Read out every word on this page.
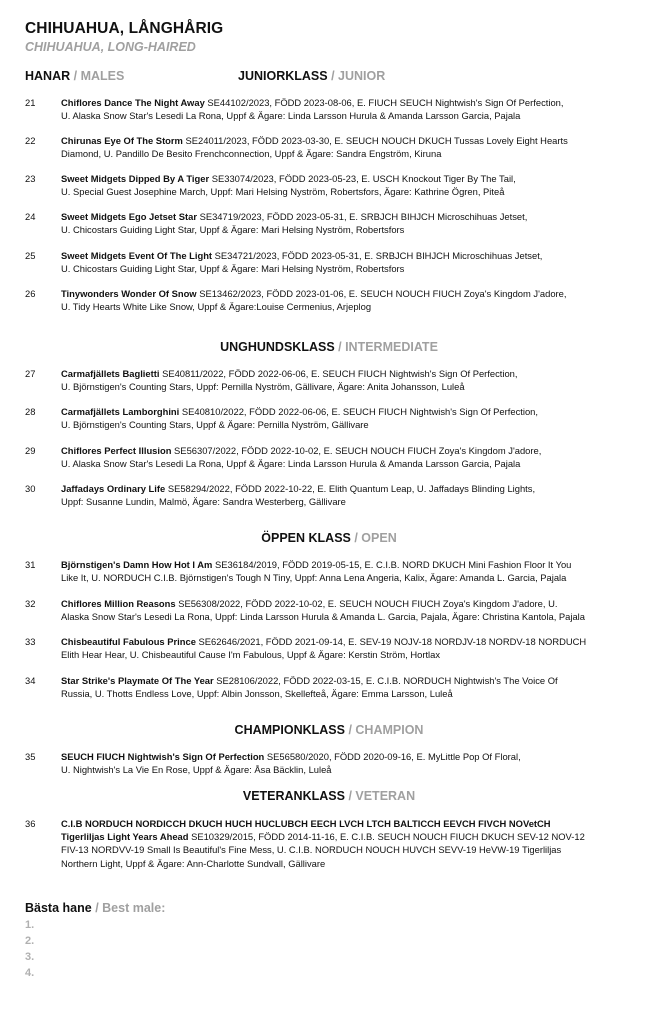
CHIHUAHUA, LÅNGHÅRIG
CHIHUAHUA, LONG-HAIRED
HANAR / MALES	JUNIORKLASS / JUNIOR
21	Chiflores Dance The Night Away SE44102/2023, FÖDD 2023-08-06, E. FIUCH SEUCH Nightwish's Sign Of Perfection,
U. Alaska Snow Star's Lesedi La Rona, Uppf & Ägare: Linda Larsson Hurula & Amanda Larsson Garcia, Pajala
22	Chirunas Eye Of The Storm SE24011/2023, FÖDD 2023-03-30, E. SEUCH NOUCH DKUCH Tussas Lovely Eight Hearts
Diamond, U. Pandillo De Besito Frenchconnection, Uppf & Ägare: Sandra Engström, Kiruna
23	Sweet Midgets Dipped By A Tiger SE33074/2023, FÖDD 2023-05-23, E. USCH Knockout Tiger By The Tail,
U. Special Guest Josephine March, Uppf: Mari Helsing Nyström, Robertsfors, Ägare: Kathrine Ögren, Piteå
24	Sweet Midgets Ego Jetset Star SE34719/2023, FÖDD 2023-05-31, E. SRBJCH BIHJCH Microschihuas Jetset,
U. Chicostars Guiding Light Star, Uppf & Ägare: Mari Helsing Nyström, Robertsfors
25	Sweet Midgets Event Of The Light SE34721/2023, FÖDD 2023-05-31, E. SRBJCH BIHJCH Microschihuas Jetset,
U. Chicostars Guiding Light Star, Uppf & Ägare: Mari Helsing Nyström, Robertsfors
26	Tinywonders Wonder Of Snow SE13462/2023, FÖDD 2023-01-06, E. SEUCH NOUCH FIUCH Zoya's Kingdom J'adore,
U. Tidy Hearts White Like Snow, Uppf & Ägare:Louise Cermenius, Arjeplog
UNGHUNDSKLASS / INTERMEDIATE
27	Carmafjällets Baglietti SE40811/2022, FÖDD 2022-06-06, E. SEUCH FIUCH Nightwish's Sign Of Perfection,
U. Björnstigen's Counting Stars, Uppf: Pernilla Nyström, Gällivare, Ägare: Anita Johansson, Luleå
28	Carmafjällets Lamborghini SE40810/2022, FÖDD 2022-06-06, E. SEUCH FIUCH Nightwish's Sign Of Perfection,
U. Björnstigen's Counting Stars, Uppf & Ägare: Pernilla Nyström, Gällivare
29	Chiflores Perfect Illusion SE56307/2022, FÖDD 2022-10-02, E. SEUCH NOUCH FIUCH Zoya's Kingdom J'adore,
U. Alaska Snow Star's Lesedi La Rona, Uppf & Ägare: Linda Larsson Hurula & Amanda Larsson Garcia, Pajala
30	Jaffadays Ordinary Life SE58294/2022, FÖDD 2022-10-22, E. Elith Quantum Leap, U. Jaffadays Blinding Lights,
Uppf: Susanne Lundin, Malmö, Ägare: Sandra Westerberg, Gällivare
ÖPPEN KLASS / OPEN
31	Björnstigen's Damn How Hot I Am SE36184/2019, FÖDD 2019-05-15, E. C.I.B. NORD DKUCH Mini Fashion Floor It You
Like It, U. NORDUCH C.I.B. Björnstigen's Tough N Tiny, Uppf: Anna Lena Angeria, Kalix, Ägare: Amanda L. Garcia, Pajala
32	Chiflores Million Reasons SE56308/2022, FÖDD 2022-10-02, E. SEUCH NOUCH FIUCH Zoya's Kingdom J'adore, U.
Alaska Snow Star's Lesedi La Rona, Uppf: Linda Larsson Hurula & Amanda L. Garcia, Pajala, Ägare: Christina Kantola, Pajala
33	Chisbeautiful Fabulous Prince SE62646/2021, FÖDD 2021-09-14, E. SEV-19 NOJV-18 NORDJV-18 NORDV-18 NORDUCH
Elith Hear Hear, U. Chisbeautiful Cause I'm Fabulous, Uppf & Ägare: Kerstin Ström, Hortlax
34	Star Strike's Playmate Of The Year SE28106/2022, FÖDD 2022-03-15, E. C.I.B. NORDUCH Nightwish's The Voice Of
Russia, U. Thotts Endless Love, Uppf: Albin Jonsson, Skellefteå, Ägare: Emma Larsson, Luleå
CHAMPIONKLASS / CHAMPION
35	SEUCH FIUCH Nightwish's Sign Of Perfection SE56580/2020, FÖDD 2020-09-16, E. MyLittle Pop Of Floral,
U. Nightwish's La Vie En Rose, Uppf & Ägare: Åsa Bäcklin, Luleå
VETERANKLASS / VETERAN
36	C.I.B NORDUCH NORDICCH DKUCH HUCH HUCLUBCH EECH LVCH LTCH BALTICCH EEVCH FIVCH NOVetCH
Tigerliljas Light Years Ahead SE10329/2015, FÖDD 2014-11-16, E. C.I.B. SEUCH NOUCH FIUCH DKUCH SEV-12 NOV-12
FIV-13 NORDVV-19 Small Is Beautiful's Fine Mess, U. C.I.B. NORDUCH NOUCH HUVCH SEVV-19 HeVW-19 Tigerliljas
Northern Light, Uppf & Ägare: Ann-Charlotte Sundvall, Gällivare
Bästa hane / Best male:
1.
2.
3.
4.
